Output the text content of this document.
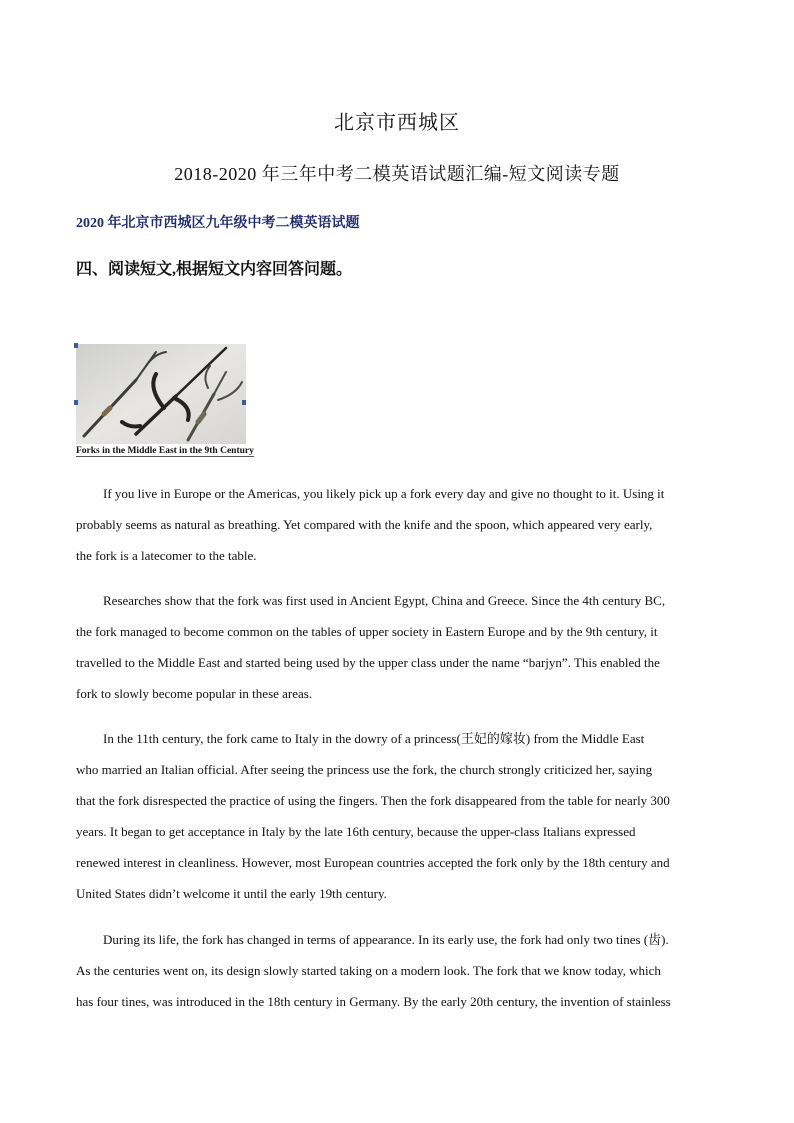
北京市西城区
2018-2020 年三年中考二模英语试题汇编-短文阅读专题
2020 年北京市西城区九年级中考二模英语试题
四、阅读短文,根据短文内容回答问题。
Forks in the Middle East in the 9th Century

If you live in Europe or the Americas, you likely pick up a fork every day and give no thought to it. Using it
probably seems as natural as breathing. Yet compared with the knife and the spoon, which appeared very early,
the fork is a latecomer to the table.

Researches show that the fork was first used in Ancient Egypt, China and Greece. Since the 4th century BC,
the fork managed to become common on the tables of upper society in Eastern Europe and by the 9th century, it
travelled to the Middle East and started being used by the upper class under the name “barjyn”. This enabled the
fork to slowly become popular in these areas.

In the 11th century, the fork came to Italy in the dowry of a princess(王妃的嫁妆) from the Middle East
who married an Italian official. After seeing the princess use the fork, the church strongly criticized her, saying
that the fork disrespected the practice of using the fingers. Then the fork disappeared from the table for nearly 300
years. It began to get acceptance in Italy by the late 16th century, because the upper-class Italians expressed
renewed interest in cleanliness. However, most European countries accepted the fork only by the 18th century and
United States didn’t welcome it until the early 19th century.

During its life, the fork has changed in terms of appearance. In its early use, the fork had only two tines (齿).
As the centuries went on, its design slowly started taking on a modern look. The fork that we know today, which
has four tines, was introduced in the 18th century in Germany. By the early 20th century, the invention of stainless
